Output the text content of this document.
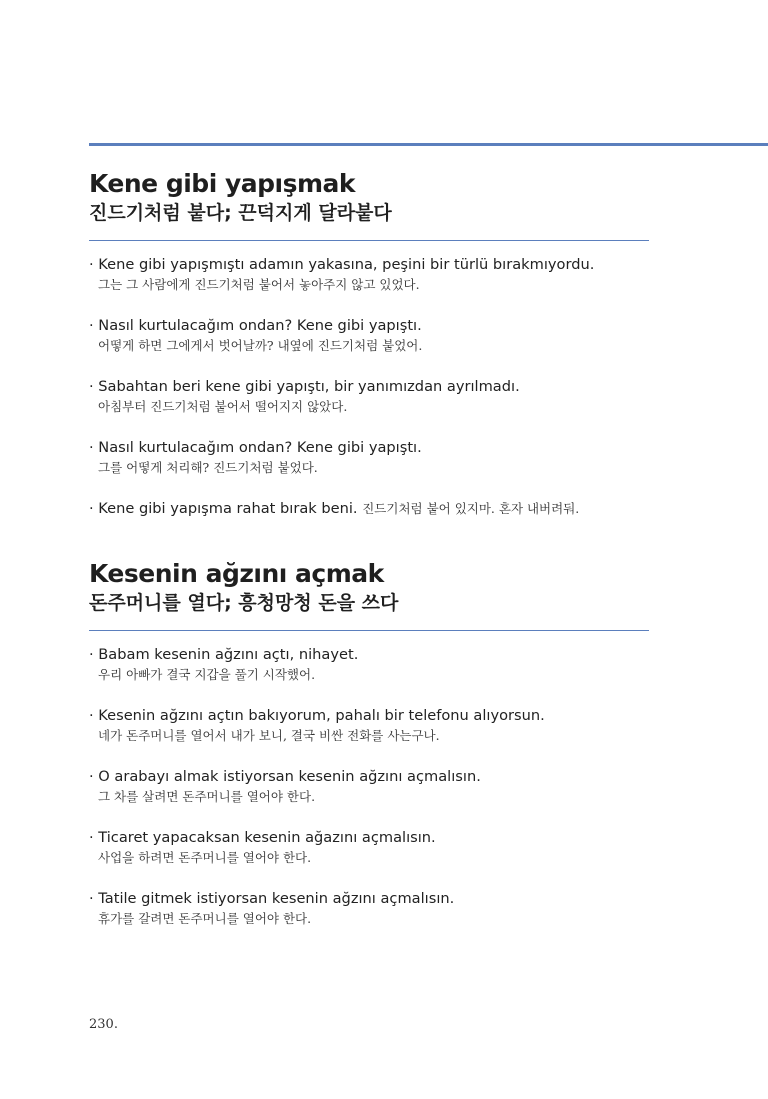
Kene gibi yapışmak
진드기처럼 붙다; 끈덕지게 달라붙다
· Kene gibi yapışmıştı adamın yakasına, peşini bir türlü bırakmıyordu.
그는 그 사람에게 진드기처럼 붙어서 놓아주지 않고 있었다.
· Nasıl kurtulacağım ondan? Kene gibi yapıştı.
어떻게 하면 그에게서 벗어날까? 내옆에 진드기처럼 붙었어.
· Sabahtan beri kene gibi yapıştı, bir yanımızdan ayrılmadı.
아침부터 진드기처럼 붙어서 떨어지지 않았다.
· Nasıl kurtulacağım ondan? Kene gibi yapıştı.
그를 어떻게 처리해? 진드기처럼 붙었다.
· Kene gibi yapışma rahat bırak beni. 진드기처럼 붙어 있지마. 혼자 내버려둬.
Kesenin ağzını açmak
돈주머니를 열다; 흥청망청 돈을 쓰다
· Babam kesenin ağzını açtı, nihayet.
우리 아빠가 결국 지갑을 풀기 시작했어.
· Kesenin ağzını açtın bakıyorum, pahalı bir telefonu alıyorsun.
네가 돈주머니를 열어서 내가 보니, 결국 비싼 전화를 사는구나.
· O arabayı almak istiyorsan kesenin ağzını açmalısın.
그 차를 살려면 돈주머니를 열어야 한다.
· Ticaret yapacaksan kesenin ağazını açmalısın.
사업을 하려면 돈주머니를 열어야 한다.
· Tatile gitmek istiyorsan kesenin ağzını açmalısın.
휴가를 갈려면 돈주머니를 열어야 한다.
230.
